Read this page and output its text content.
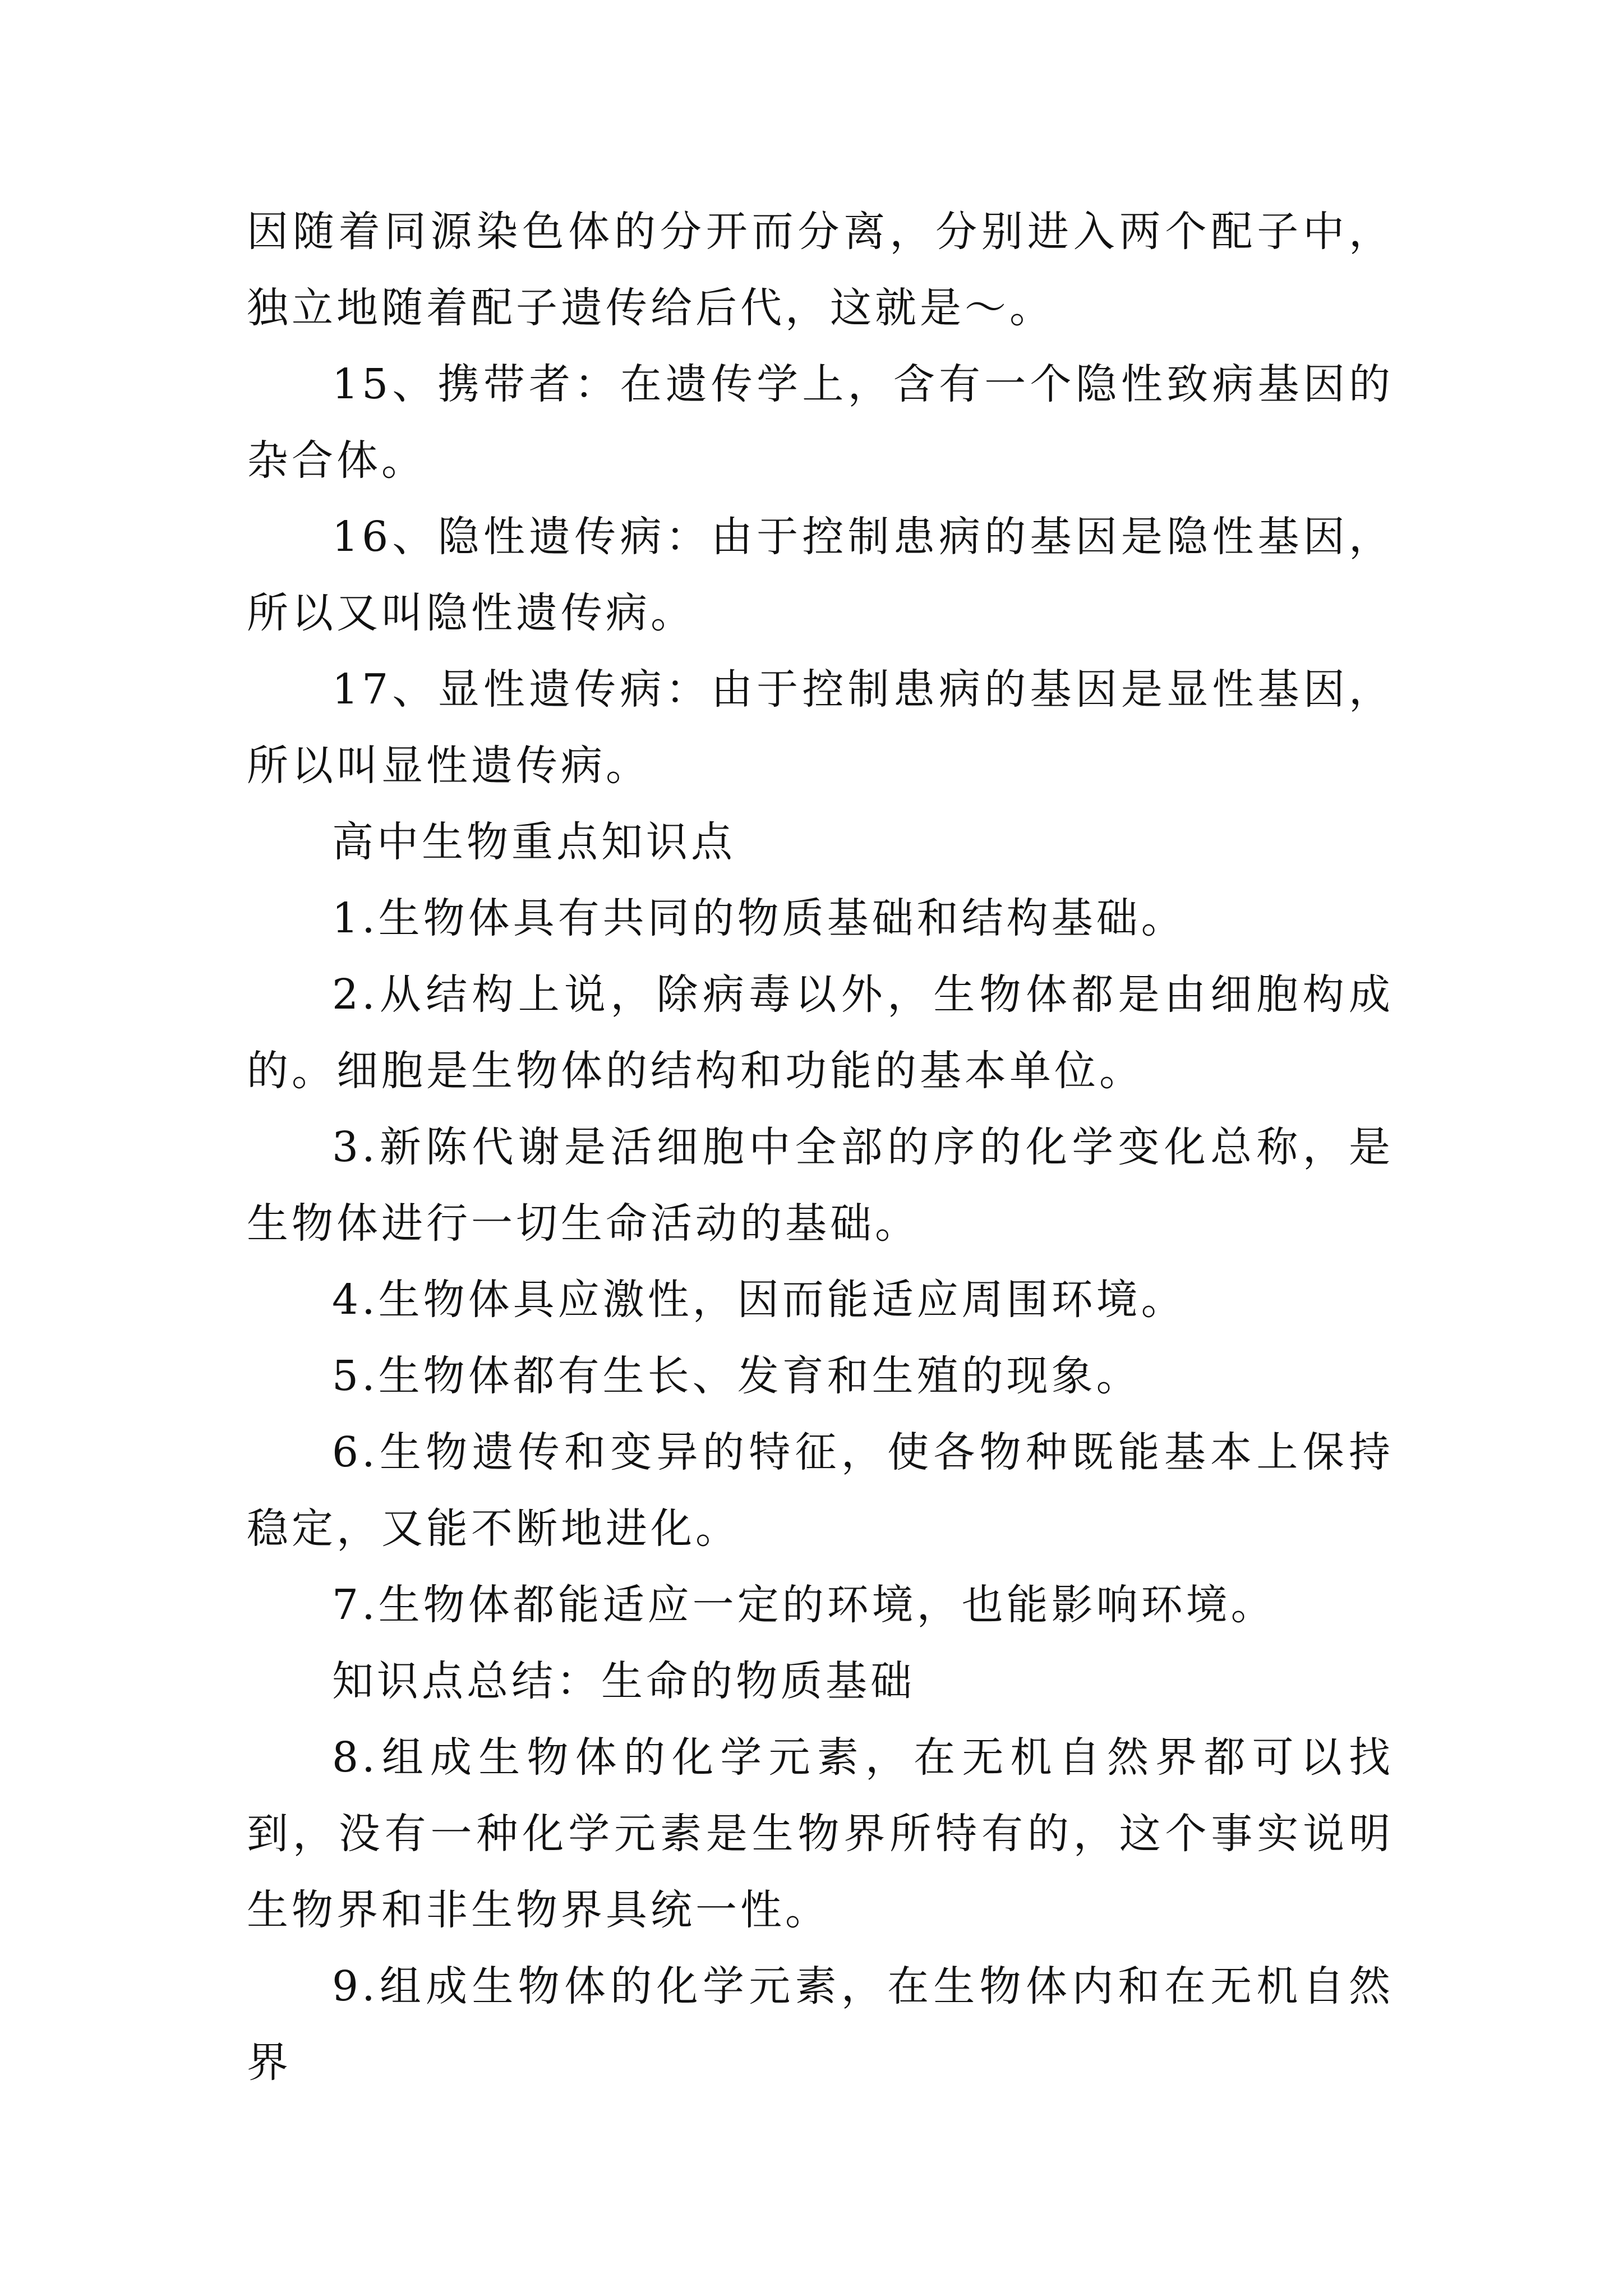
因随着同源染色体的分开而分离，分别进入两个配子中，独立地随着配子遗传给后代，这就是～。

15、携带者：在遗传学上，含有一个隐性致病基因的杂合体。

16、隐性遗传病：由于控制患病的基因是隐性基因，所以又叫隐性遗传病。

17、显性遗传病：由于控制患病的基因是显性基因，所以叫显性遗传病。

高中生物重点知识点

1.生物体具有共同的物质基础和结构基础。

2.从结构上说，除病毒以外，生物体都是由细胞构成的。细胞是生物体的结构和功能的基本单位。

3.新陈代谢是活细胞中全部的序的化学变化总称，是生物体进行一切生命活动的基础。

4.生物体具应激性，因而能适应周围环境。

5.生物体都有生长、发育和生殖的现象。

6.生物遗传和变异的特征，使各物种既能基本上保持稳定，又能不断地进化。

7.生物体都能适应一定的环境，也能影响环境。

知识点总结：生命的物质基础

8.组成生物体的化学元素，在无机自然界都可以找到，没有一种化学元素是生物界所特有的，这个事实说明生物界和非生物界具统一性。

9.组成生物体的化学元素，在生物体内和在无机自然界
